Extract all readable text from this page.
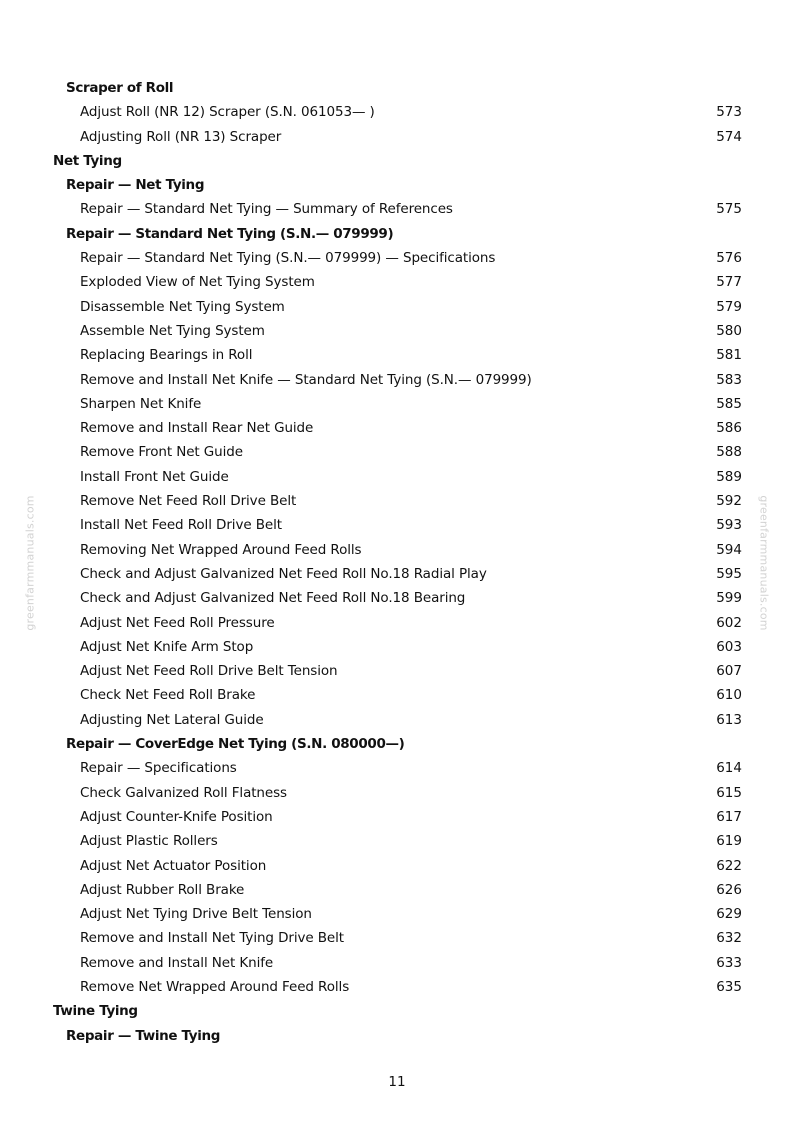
Scraper of Roll
Adjust Roll (NR 12) Scraper (S.N. 061053— )	573
Adjusting Roll (NR 13) Scraper	574
Net Tying
Repair — Net Tying
Repair — Standard Net Tying — Summary of References	575
Repair — Standard Net Tying (S.N.— 079999)
Repair — Standard Net Tying (S.N.— 079999) — Specifications	576
Exploded View of Net Tying System	577
Disassemble Net Tying System	579
Assemble Net Tying System	580
Replacing Bearings in Roll	581
Remove and Install Net Knife — Standard Net Tying (S.N.— 079999)	583
Sharpen Net Knife	585
Remove and Install Rear Net Guide	586
Remove Front Net Guide	588
Install Front Net Guide	589
Remove Net Feed Roll Drive Belt	592
Install Net Feed Roll Drive Belt	593
Removing Net Wrapped Around Feed Rolls	594
Check and Adjust Galvanized Net Feed Roll No.18 Radial Play	595
Check and Adjust Galvanized Net Feed Roll No.18 Bearing	599
Adjust Net Feed Roll Pressure	602
Adjust Net Knife Arm Stop	603
Adjust Net Feed Roll Drive Belt Tension	607
Check Net Feed Roll Brake	610
Adjusting Net Lateral Guide	613
Repair — CoverEdge Net Tying (S.N. 080000—)
Repair — Specifications	614
Check Galvanized Roll Flatness	615
Adjust Counter-Knife Position	617
Adjust Plastic Rollers	619
Adjust Net Actuator Position	622
Adjust Rubber Roll Brake	626
Adjust Net Tying Drive Belt Tension	629
Remove and Install Net Tying Drive Belt	632
Remove and Install Net Knife	633
Remove Net Wrapped Around Feed Rolls	635
Twine Tying
Repair — Twine Tying
greenfarmmanuals.com	greenfarmmanuals.com
11
